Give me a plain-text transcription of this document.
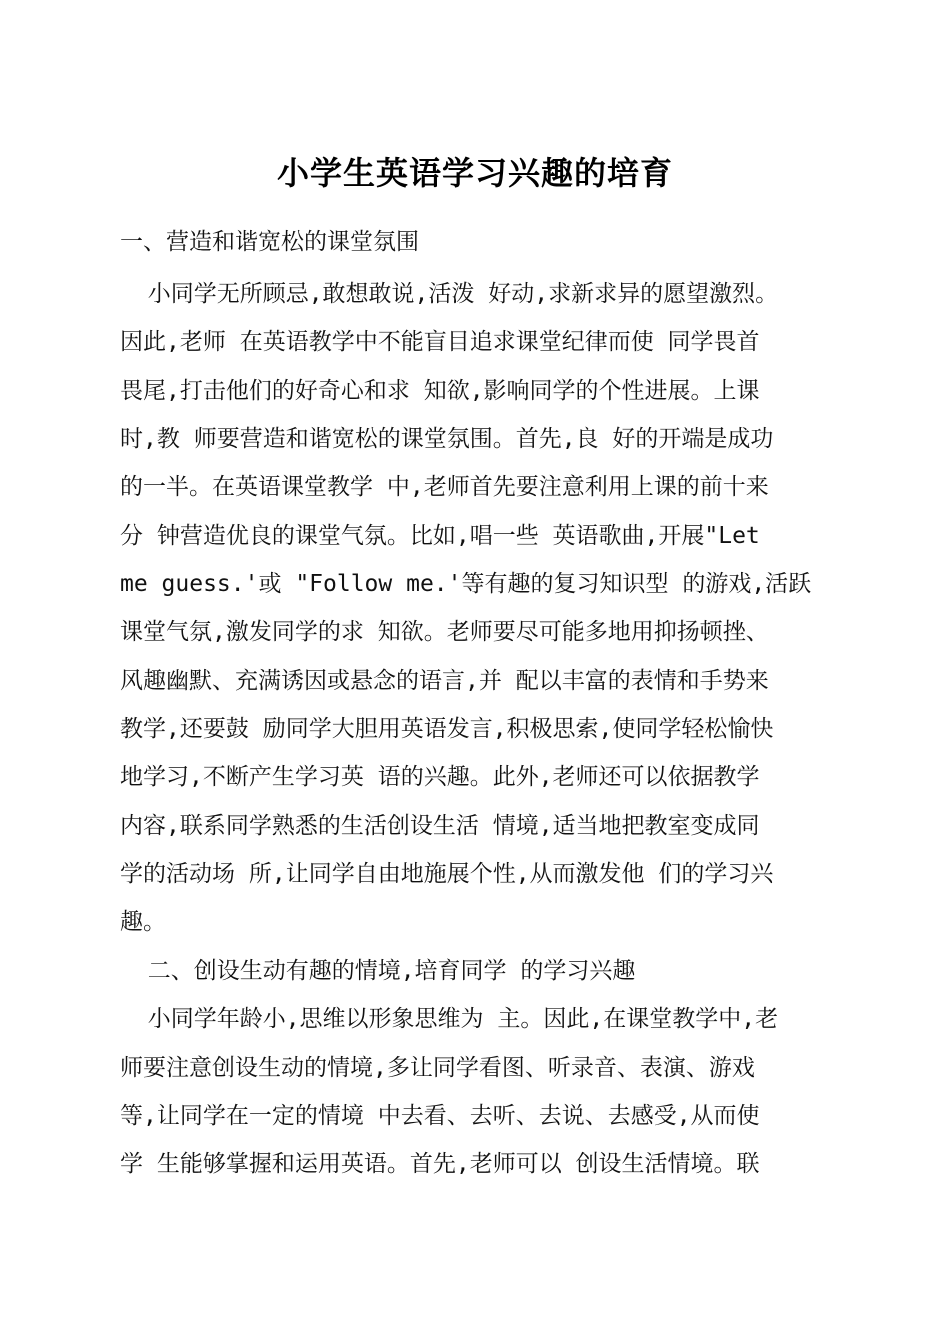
小学生英语学习兴趣的培育
一、营造和谐宽松的课堂氛围
小同学无所顾忌,敢想敢说,活泼 好动,求新求异的愿望激烈。
因此,老师 在英语教学中不能盲目追求课堂纪律而使 同学畏首
畏尾,打击他们的好奇心和求 知欲,影响同学的个性进展。上课
时,教 师要营造和谐宽松的课堂氛围。首先,良 好的开端是成功
的一半。在英语课堂教学 中,老师首先要注意利用上课的前十来
分 钟营造优良的课堂气氛。比如,唱一些 英语歌曲,开展"Let
me guess.'或 "Follow me.'等有趣的复习知识型 的游戏,活跃
课堂气氛,激发同学的求 知欲。老师要尽可能多地用抑扬顿挫、
风趣幽默、充满诱因或悬念的语言,并 配以丰富的表情和手势来
教学,还要鼓 励同学大胆用英语发言,积极思索,使同学轻松愉快
地学习,不断产生学习英 语的兴趣。此外,老师还可以依据教学
内容,联系同学熟悉的生活创设生活 情境,适当地把教室变成同
学的活动场 所,让同学自由地施展个性,从而激发他 们的学习兴
趣。
二、创设生动有趣的情境,培育同学 的学习兴趣
小同学年龄小,思维以形象思维为 主。因此,在课堂教学中,老
师要注意创设生动的情境,多让同学看图、听录音、表演、游戏
等,让同学在一定的情境 中去看、去听、去说、去感受,从而使
学 生能够掌握和运用英语。首先,老师可以 创设生活情境。联
